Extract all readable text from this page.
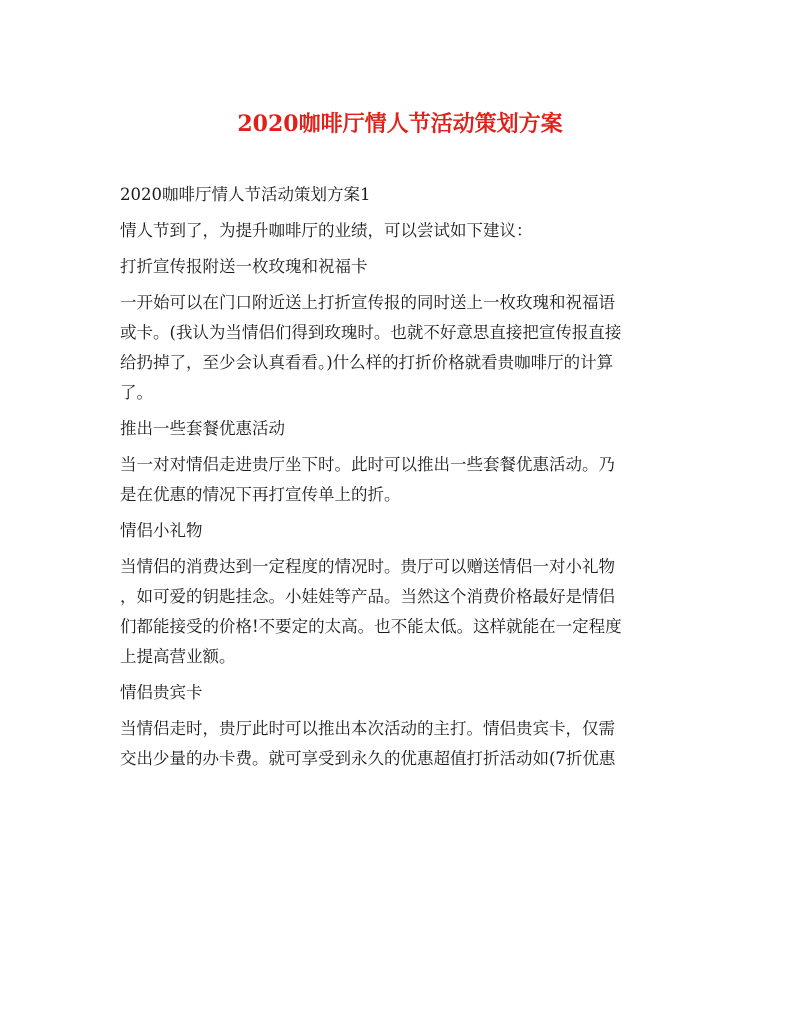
2020咖啡厅情人节活动策划方案
2020咖啡厅情人节活动策划方案1
情人节到了，为提升咖啡厅的业绩，可以尝试如下建议：
打折宣传报附送一枚玫瑰和祝福卡
一开始可以在门口附近送上打折宣传报的同时送上一枚玫瑰和祝福语
或卡。(我认为当情侣们得到玫瑰时。也就不好意思直接把宣传报直接
给扔掉了，至少会认真看看。)什么样的打折价格就看贵咖啡厅的计算
了。
推出一些套餐优惠活动
当一对对情侣走进贵厅坐下时。此时可以推出一些套餐优惠活动。乃
是在优惠的情况下再打宣传单上的折。
情侣小礼物
当情侣的消费达到一定程度的情况时。贵厅可以赠送情侣一对小礼物
，如可爱的钥匙挂念。小娃娃等产品。当然这个消费价格最好是情侣
们都能接受的价格!不要定的太高。也不能太低。这样就能在一定程度
上提高营业额。
情侣贵宾卡
当情侣走时，贵厅此时可以推出本次活动的主打。情侣贵宾卡，仅需
交出少量的办卡费。就可享受到永久的优惠超值打折活动如(7折优惠
